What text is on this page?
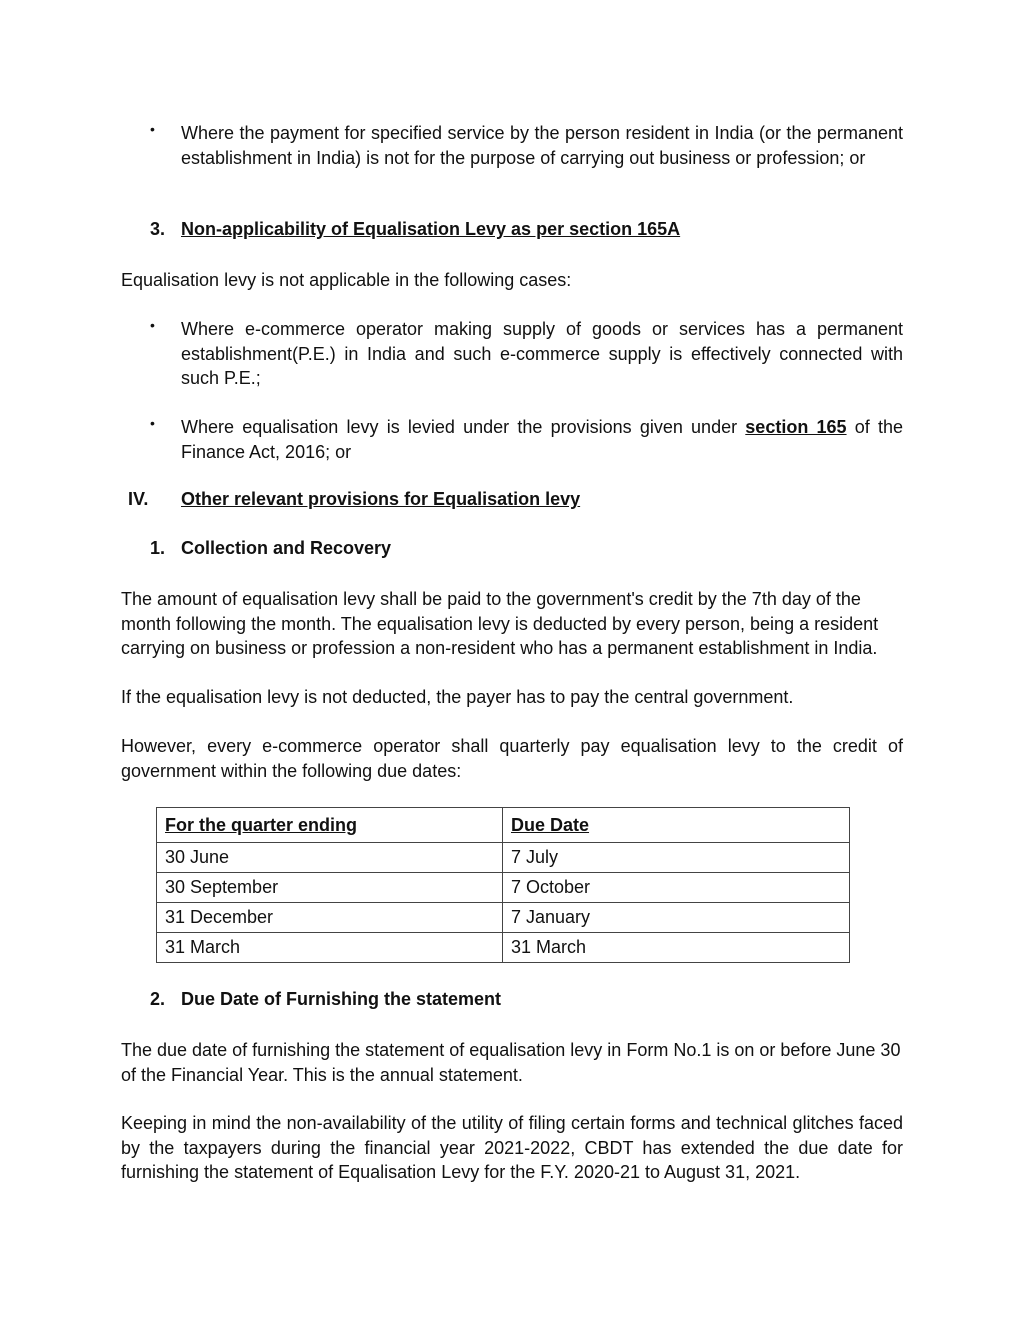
•	Where the payment for specified service by the person resident in India (or the permanent establishment in India) is not for the purpose of carrying out business or profession; or
3. Non-applicability of Equalisation Levy as per section 165A
Equalisation levy is not applicable in the following cases:
•	Where e-commerce operator making supply of goods or services has a permanent establishment(P.E.) in India and such e-commerce supply is effectively connected with such P.E.;
•	Where equalisation levy is levied under the provisions given under section 165 of the Finance Act, 2016; or
IV. Other relevant provisions for Equalisation levy
1. Collection and Recovery
The amount of equalisation levy shall be paid to the government's credit by the 7th day of the month following the month. The equalisation levy is deducted by every person, being a resident carrying on business or profession a non-resident who has a permanent establishment in India.
If the equalisation levy is not deducted, the payer has to pay the central government.
However, every e-commerce operator shall quarterly pay equalisation levy to the credit of government within the following due dates:
For the quarter ending	Due Date
30 June	7 July
30 September	7 October
31 December	7 January
31 March	31 March
2. Due Date of Furnishing the statement
The due date of furnishing the statement of equalisation levy in Form No.1 is on or before June 30 of the Financial Year. This is the annual statement.
Keeping in mind the non-availability of the utility of filing certain forms and technical glitches faced by the taxpayers during the financial year 2021-2022, CBDT has extended the due date for furnishing the statement of Equalisation Levy for the F.Y. 2020-21 to August 31, 2021.
